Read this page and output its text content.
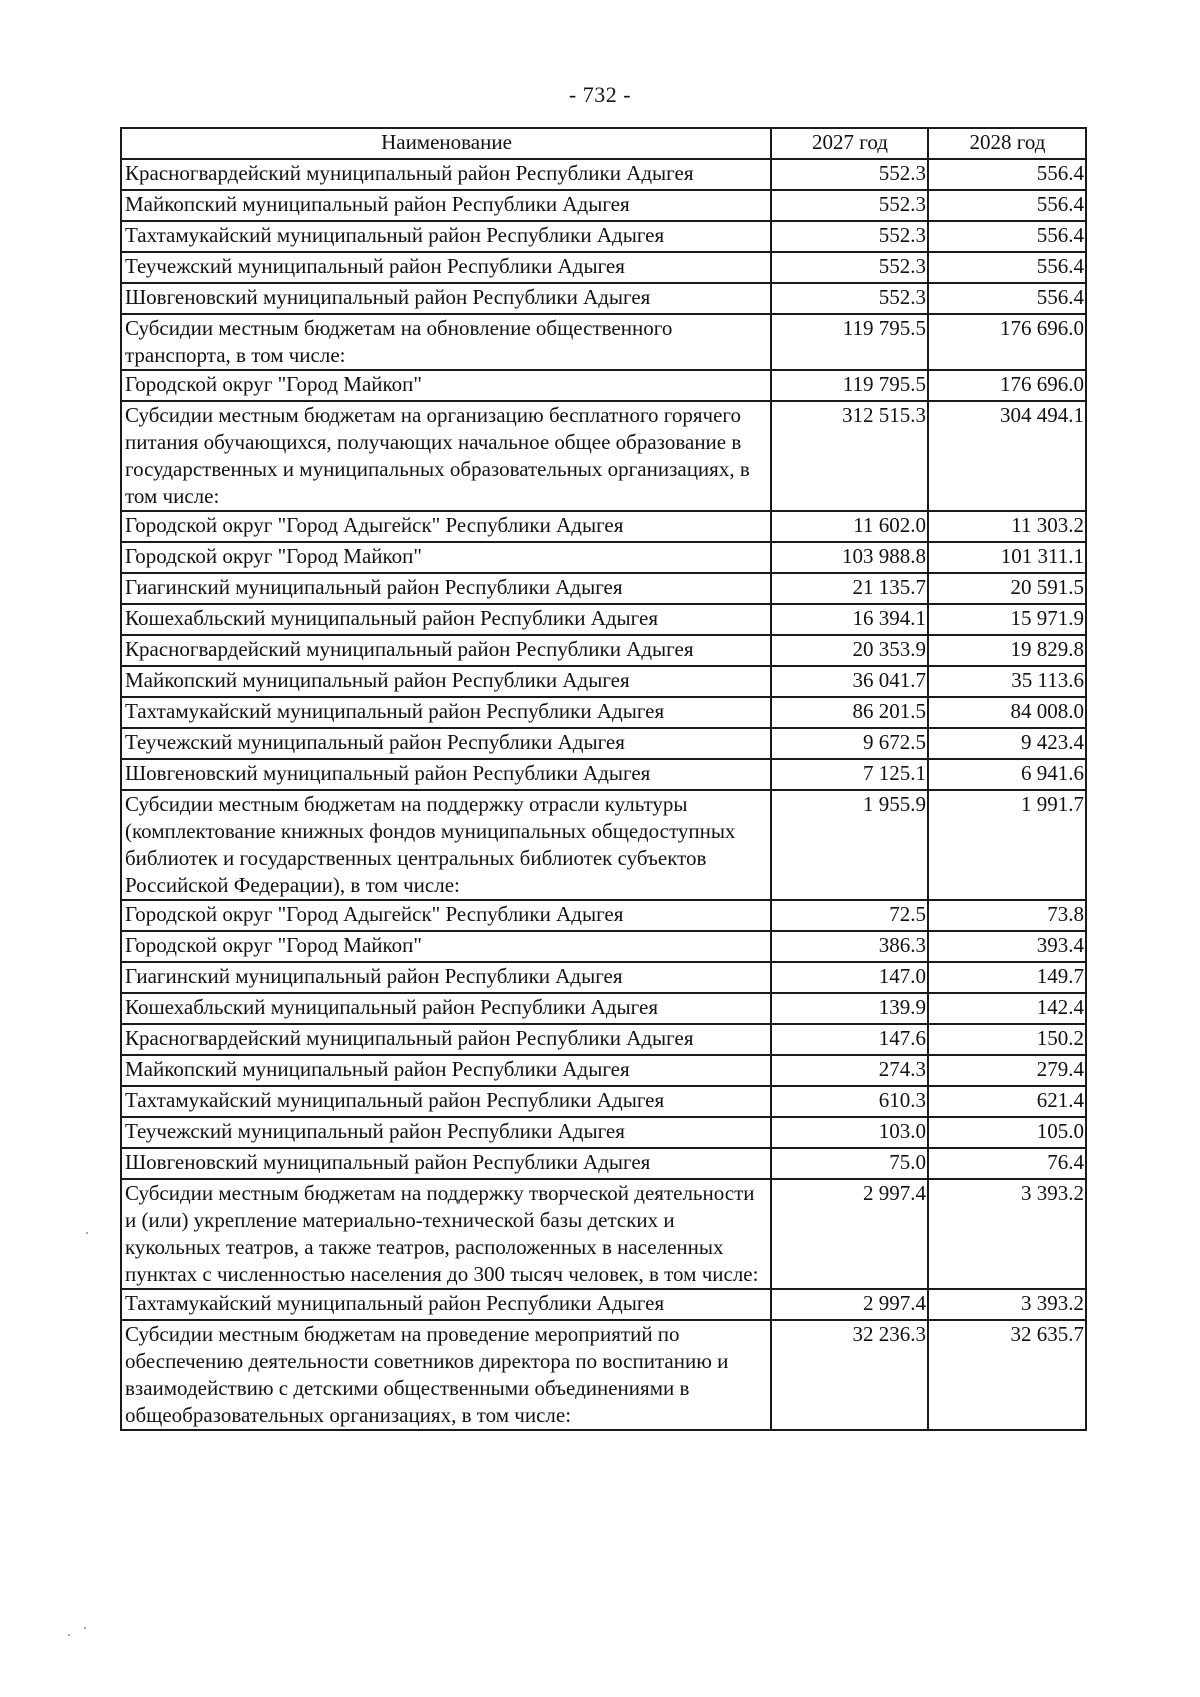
- 732 -
Наименование	2027 год	2028 год
Красногвардейский муниципальный район Республики Адыгея	552.3	556.4
Майкопский муниципальный район Республики Адыгея	552.3	556.4
Тахтамукайский муниципальный район Республики Адыгея	552.3	556.4
Теучежский муниципальный район Республики Адыгея	552.3	556.4
Шовгеновский муниципальный район Республики Адыгея	552.3	556.4
Субсидии местным бюджетам на обновление общественного транспорта, в том числе:	119 795.5	176 696.0
Городской округ "Город Майкоп"	119 795.5	176 696.0
Субсидии местным бюджетам на организацию бесплатного горячего питания обучающихся, получающих начальное общее образование в государственных и муниципальных образовательных организациях, в том числе:	312 515.3	304 494.1
Городской округ "Город Адыгейск" Республики Адыгея	11 602.0	11 303.2
Городской округ "Город Майкоп"	103 988.8	101 311.1
Гиагинский муниципальный район Республики Адыгея	21 135.7	20 591.5
Кошехабльский муниципальный район Республики Адыгея	16 394.1	15 971.9
Красногвардейский муниципальный район Республики Адыгея	20 353.9	19 829.8
Майкопский муниципальный район Республики Адыгея	36 041.7	35 113.6
Тахтамукайский муниципальный район Республики Адыгея	86 201.5	84 008.0
Теучежский муниципальный район Республики Адыгея	9 672.5	9 423.4
Шовгеновский муниципальный район Республики Адыгея	7 125.1	6 941.6
Субсидии местным бюджетам на поддержку отрасли культуры (комплектование книжных фондов муниципальных общедоступных библиотек и государственных центральных библиотек субъектов Российской Федерации), в том числе:	1 955.9	1 991.7
Городской округ "Город Адыгейск" Республики Адыгея	72.5	73.8
Городской округ "Город Майкоп"	386.3	393.4
Гиагинский муниципальный район Республики Адыгея	147.0	149.7
Кошехабльский муниципальный район Республики Адыгея	139.9	142.4
Красногвардейский муниципальный район Республики Адыгея	147.6	150.2
Майкопский муниципальный район Республики Адыгея	274.3	279.4
Тахтамукайский муниципальный район Республики Адыгея	610.3	621.4
Теучежский муниципальный район Республики Адыгея	103.0	105.0
Шовгеновский муниципальный район Республики Адыгея	75.0	76.4
Субсидии местным бюджетам на поддержку творческой деятельности и (или) укрепление материально-технической базы детских и кукольных театров, а также театров, расположенных в населенных пунктах с численностью населения до 300 тысяч человек, в том числе:	2 997.4	3 393.2
Тахтамукайский муниципальный район Республики Адыгея	2 997.4	3 393.2
Субсидии местным бюджетам на проведение мероприятий по обеспечению деятельности советников директора по воспитанию и взаимодействию с детскими общественными объединениями в общеобразовательных организациях, в том числе:	32 236.3	32 635.7
